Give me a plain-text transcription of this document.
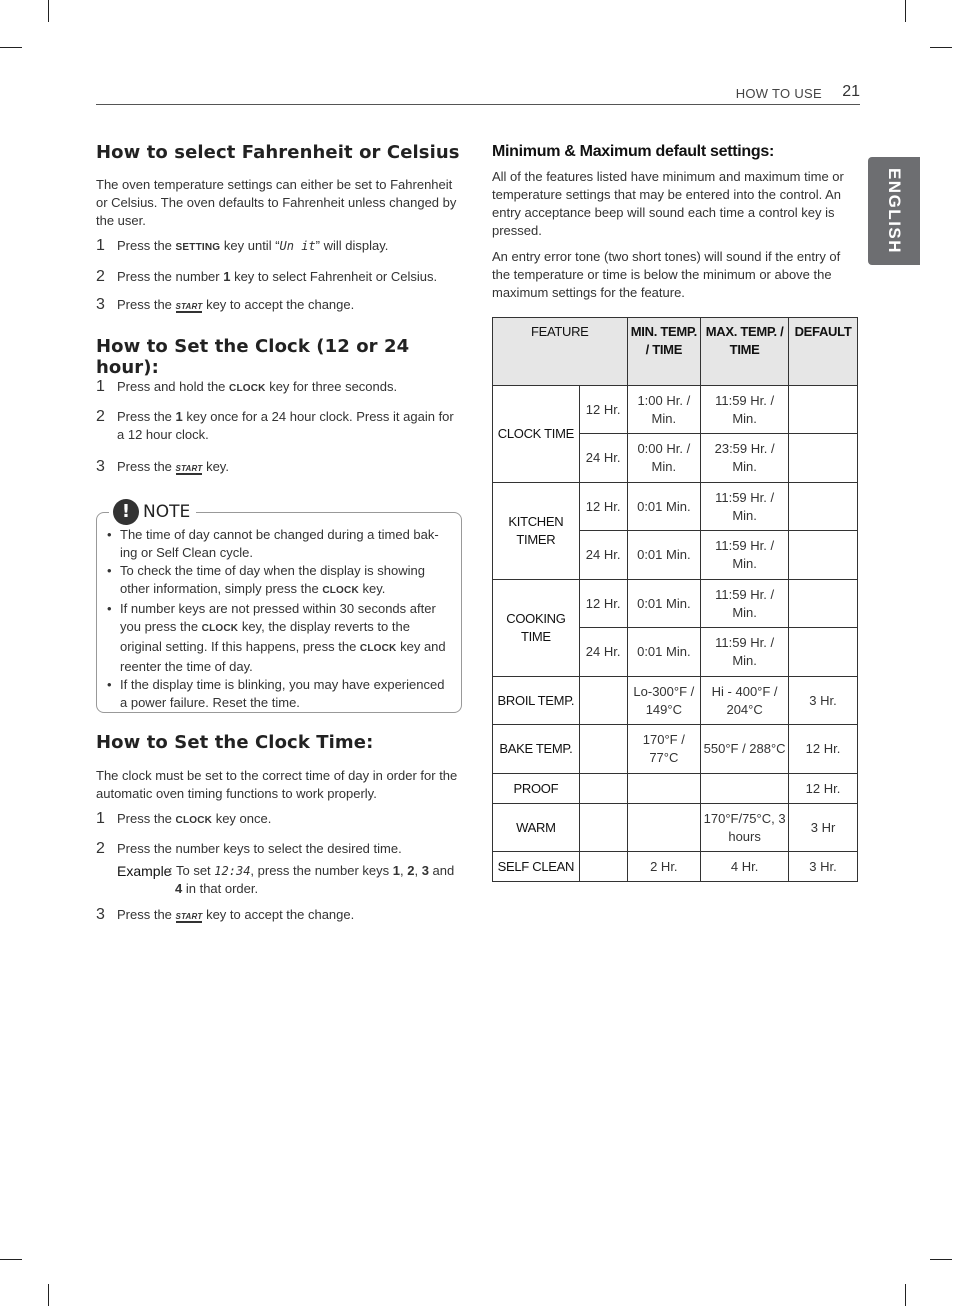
HOW TO USE 21
ENGLISH
How to select Fahrenheit or Celsius

The oven temperature settings can either be set to Fahrenheit or Celsius. The oven defaults to Fahrenheit unless changed by the user.

1 Press the SETTING key until “Un it” will display.
2 Press the number 1 key to select Fahrenheit or Celsius.
3 Press the START key to accept the change.
How to Set the Clock (12 or 24 hour):
1 Press and hold the CLOCK key for three seconds.
2 Press the 1 key once for a 24 hour clock. Press it again for a 12 hour clock.
3 Press the START key.
! NOTE
• The time of day cannot be changed during a timed bak-ing or Self Clean cycle.
• To check the time of day when the display is showing other information, simply press the CLOCK key.
• If number keys are not pressed within 30 seconds after you press the CLOCK key, the display reverts to the original setting. If this happens, press the CLOCK key and reenter the time of day.
• If the display time is blinking, you may have experienced a power failure. Reset the time.
How to Set the Clock Time:

The clock must be set to the correct time of day in order for the automatic oven timing functions to work properly.

1 Press the CLOCK key once.
2 Press the number keys to select the desired time.
Example
: To set 12:34, press the number keys 1, 2, 3 and 4 in that order.
3 Press the START key to accept the change.
Minimum & Maximum default settings:

All of the features listed have minimum and maximum time or temperature settings that may be entered into the control. An entry acceptance beep will sound each time a control key is pressed.

An entry error tone (two short tones) will sound if the entry of the temperature or time is below the minimum or above the maximum settings for the feature.

FEATURE		MIN. TEMP. / TIME	MAX. TEMP. / TIME	DEFAULT
CLOCK TIME	12 Hr.	1:00 Hr. / Min.	11:59 Hr. / Min.	
	24 Hr.	0:00 Hr. / Min.	23:59 Hr. / Min.	
KITCHEN TIMER	12 Hr.	0:01 Min.	11:59 Hr. / Min.	
	24 Hr.	0:01 Min.	11:59 Hr. / Min.	
COOKING TIME	12 Hr.	0:01 Min.	11:59 Hr. / Min.	
	24 Hr.	0:01 Min.	11:59 Hr. / Min.	
BROIL TEMP.		Lo-300°F / 149°C	Hi - 400°F / 204°C	3 Hr.
BAKE TEMP.		170°F / 77°C	550°F / 288°C	12 Hr.
PROOF				12 Hr.
WARM			170°F/75°C, 3 hours	3 Hr
SELF CLEAN		2 Hr.	4 Hr.	3 Hr.
